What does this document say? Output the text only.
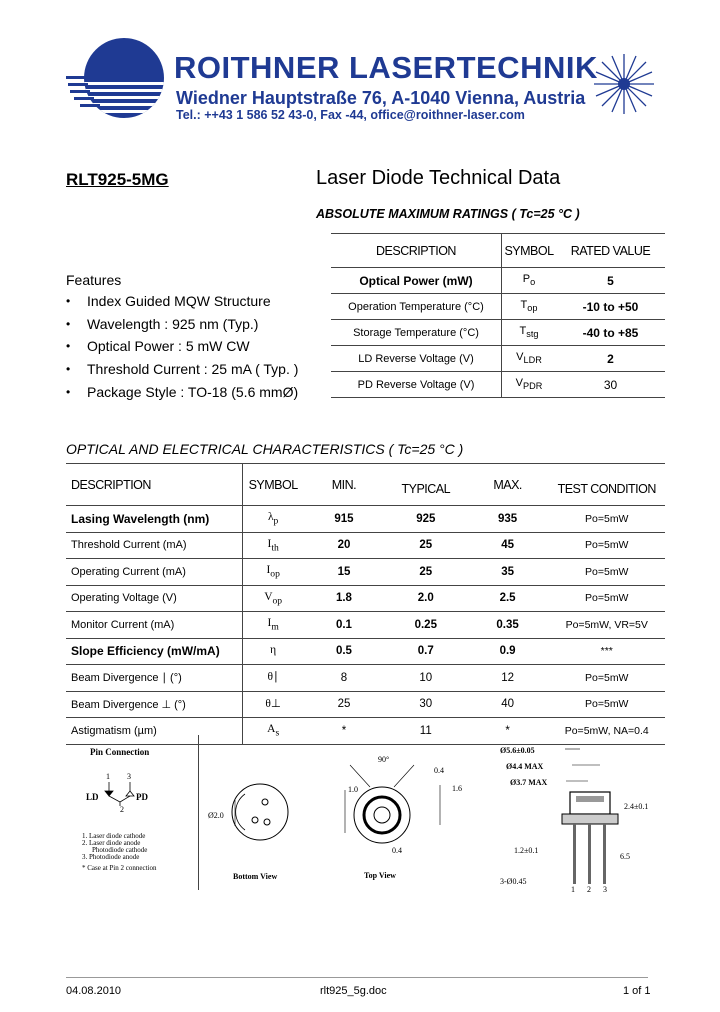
ROITHNER LASERTECHNIK
Wiedner Hauptstraße 76, A-1040 Vienna, Austria
Tel.: ++43 1 586 52 43-0, Fax -44, office@roithner-laser.com
RLT925-5MG	Laser Diode Technical Data
ABSOLUTE MAXIMUM RATINGS ( Tc=25 °C )
DESCRIPTION	SYMBOL	RATED VALUE
Optical Power (mW)	$P_o$	5
Operation Temperature (°C)	$T_{op}$	-10 to +50
Storage Temperature (°C)	$T_{stg}$	-40 to +85
LD Reverse Voltage (V)	$V_{LDR}$	2
PD Reverse Voltage (V)	$V_{PDR}$	30
Features
• Index Guided MQW Structure
• Wavelength : 925 nm (Typ.)
• Optical Power : 5 mW CW
• Threshold Current : 25 mA ( Typ. )
• Package Style : TO-18 (5.6 mmØ)
OPTICAL AND ELECTRICAL CHARACTERISTICS ( Tc=25 °C )
DESCRIPTION	SYMBOL	MIN.	TYPICAL	MAX.	TEST CONDITION
Lasing Wavelength (nm)	$\lambda_p$	915	925	935	Po=5mW
Threshold Current (mA)	$I_{th}$	20	25	45	Po=5mW
Operating Current (mA)	$I_{op}$	15	25	35	Po=5mW
Operating Voltage (V)	$V_{op}$	1.8	2.0	2.5	Po=5mW
Monitor Current (mA)	$I_m$	0.1	0.25	0.35	Po=5mW, VR=5V
Slope Efficiency (mW/mA)	η	0.5	0.7	0.9	***
Beam Divergence ∣ (°)	θ∣	8	10	12	Po=5mW
Beam Divergence ⊥ (°)	θ⊥	25	30	40	Po=5mW
Astigmatism (µm)	$A_s$	*	11	*	Po=5mW, NA=0.4
Pin Connection
1 3
LD	PD
2
1. Laser diode cathode
2. Laser diode anode
Photodiode cathode
3. Photodiode anode
* Case at Pin 2 connection
Ø2.0
Bottom View
90°
0.4
1.0	1.6
0.4
Top View
Ø5.6±0.05
Ø4.4 MAX
Ø3.7 MAX
2.4±0.1
1.2±0.1
6.5
3-Ø0.45
1 2 3
04.08.2010	rlt925_5g.doc	1 of 1
